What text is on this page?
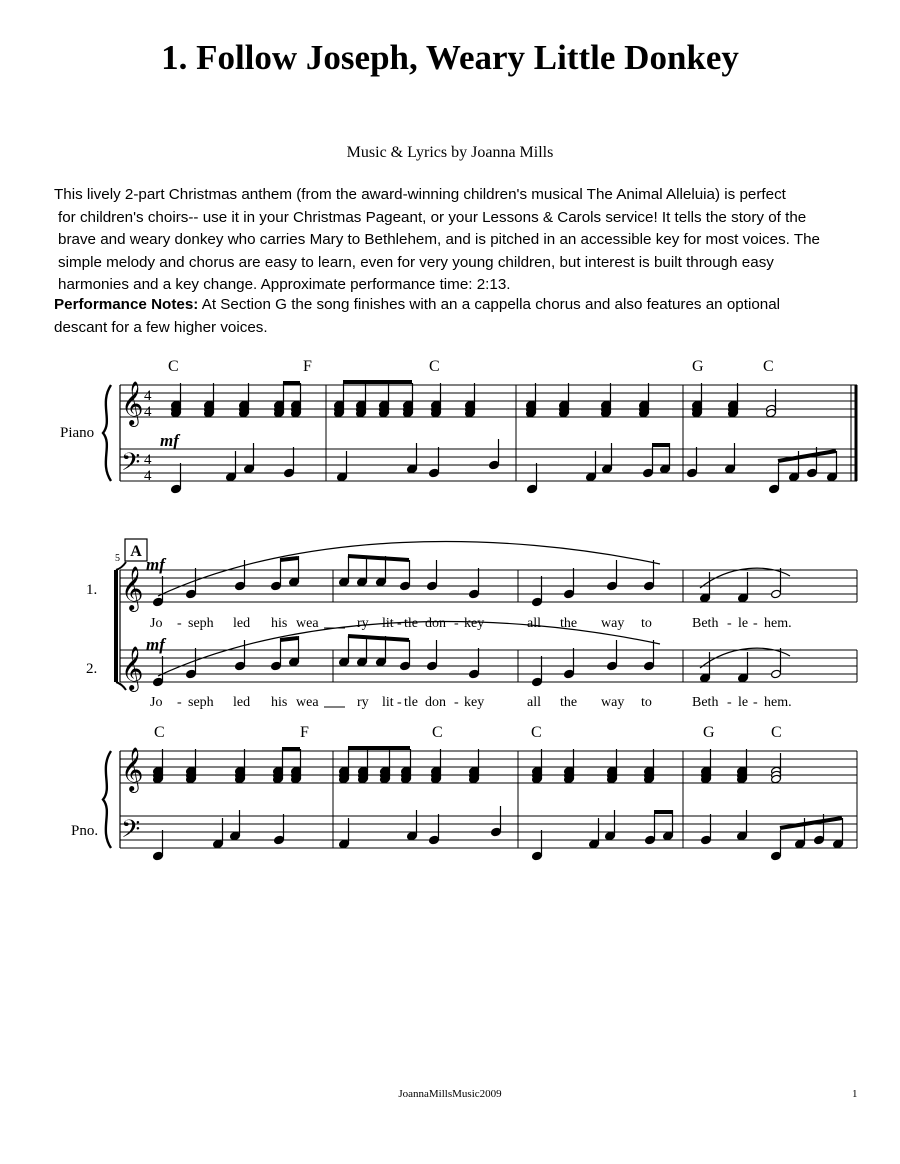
1. Follow Joseph, Weary Little Donkey
Music & Lyrics by Joanna Mills
This lively 2-part Christmas anthem (from the award-winning children's musical The Animal Alleluia) is perfect
for children's choirs-- use it in your Christmas Pageant, or your Lessons & Carols service! It tells the story of the
brave and weary donkey who carries Mary to Bethlehem, and is pitched in an accessible key for most voices. The
simple melody and chorus are easy to learn, even for very young children, but interest is built through easy
harmonies and a key change. Approximate performance time: 2:13.
Performance Notes: At Section G the song finishes with an a cappella chorus and also features an optional
descant for a few higher voices.
Piano
C	F	C	G	C
mf
5 A
1.
2.
Pno.
mf
mf
C	F	C	C	G	C
Jo - seph led his wea	ry lit - tle don - key	all the way to	Beth - le - hem.
Jo - seph led his wea	ry lit - tle don - key	all the way to	Beth - le - hem.
𝄞
𝄢
4
4
4
4
𝄞
𝄞
𝄞
𝄢
JoannaMillsMusic2009	1
